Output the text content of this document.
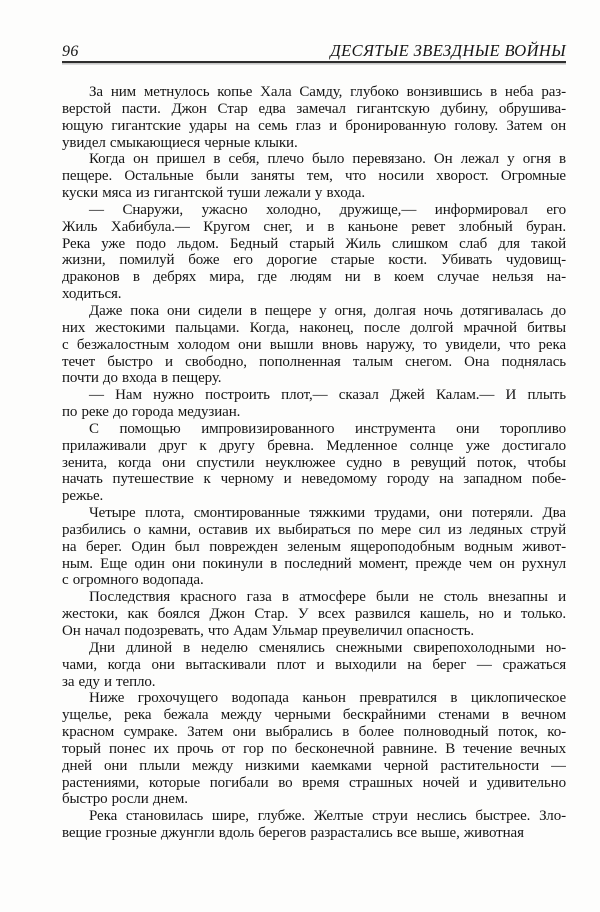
96	ДЕСЯТЫЕ ЗВЕЗДНЫЕ ВОЙНЫ
За ним метнулось копье Хала Самду, глубоко вонзившись в неба раз-
верстой пасти. Джон Стар едва замечал гигантскую дубину, обрушива-
ющую гигантские удары на семь глаз и бронированную голову. Затем он
увидел смыкающиеся черные клыки.
Когда он пришел в себя, плечо было перевязано. Он лежал у огня в
пещере. Остальные были заняты тем, что носили хворост. Огромные
куски мяса из гигантской туши лежали у входа.
— Снаружи, ужасно холодно, дружище,— информировал его
Жиль Хабибула.— Кругом снег, и в каньоне ревет злобный буран.
Река уже подо льдом. Бедный старый Жиль слишком слаб для такой
жизни, помилуй боже его дорогие старые кости. Убивать чудовищ-
драконов в дебрях мира, где людям ни в коем случае нельзя на-
ходиться.
Даже пока они сидели в пещере у огня, долгая ночь дотягивалась до
них жестокими пальцами. Когда, наконец, после долгой мрачной битвы
с безжалостным холодом они вышли вновь наружу, то увидели, что река
течет быстро и свободно, пополненная талым снегом. Она поднялась
почти до входа в пещеру.
— Нам нужно построить плот,— сказал Джей Калам.— И плыть
по реке до города медузиан.
С помощью импровизированного инструмента они торопливо
прилаживали друг к другу бревна. Медленное солнце уже достигало
зенита, когда они спустили неуклюжее судно в ревущий поток, чтобы
начать путешествие к черному и неведомому городу на западном побе-
режье.
Четыре плота, смонтированные тяжкими трудами, они потеряли. Два
разбились о камни, оставив их выбираться по мере сил из ледяных струй
на берег. Один был поврежден зеленым ящероподобным водным живот-
ным. Еще один они покинули в последний момент, прежде чем он рухнул
с огромного водопада.
Последствия красного газа в атмосфере были не столь внезапны и
жестоки, как боялся Джон Стар. У всех развился кашель, но и только.
Он начал подозревать, что Адам Ульмар преувеличил опасность.
Дни длиной в неделю сменялись снежными свирепохолодными но-
чами, когда они вытаскивали плот и выходили на берег — сражаться
за еду и тепло.
Ниже грохочущего водопада каньон превратился в циклопическое
ущелье, река бежала между черными бескрайними стенами в вечном
красном сумраке. Затем они выбрались в более полноводный поток, ко-
торый понес их прочь от гор по бесконечной равнине. В течение вечных
дней они плыли между низкими каемками черной растительности —
растениями, которые погибали во время страшных ночей и удивительно
быстро росли днем.
Река становилась шире, глубже. Желтые струи неслись быстрее. Зло-
вещие грозные джунгли вдоль берегов разрастались все выше, животная
